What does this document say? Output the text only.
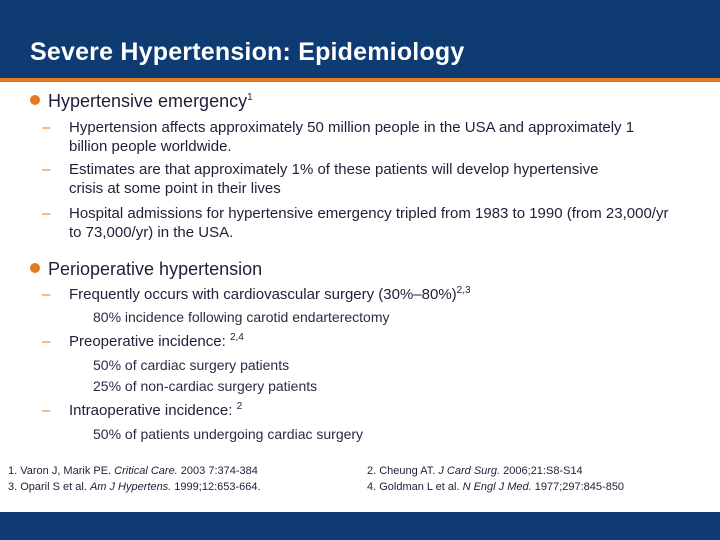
Severe Hypertension: Epidemiology
Hypertensive emergency$^1$
– Hypertension affects approximately 50 million people in the USA and approximately 1 billion people worldwide.
– Estimates are that approximately 1% of these patients will develop hypertensive crisis at some point in their lives
– Hospital admissions for hypertensive emergency tripled from 1983 to 1990 (from 23,000/yr to 73,000/yr) in the USA.
Perioperative hypertension
– Frequently occurs with cardiovascular surgery $(30\%-80\%)^{2,3}$
80% incidence following carotid endarterectomy
– Preoperative incidence: $^{2,4}$
50% of cardiac surgery patients
25% of non-cardiac surgery patients
– Intraoperative incidence: $^2$
50% of patients undergoing cardiac surgery
1. Varon J, Marik PE. Critical Care. 2003 7:374-384
3. Oparil S et al. Am J Hypertens. 1999;12:653-664.
2. Cheung AT. J Card Surg. 2006;21:S8-S14
4. Goldman L et al. N Engl J Med. 1977;297:845-850
